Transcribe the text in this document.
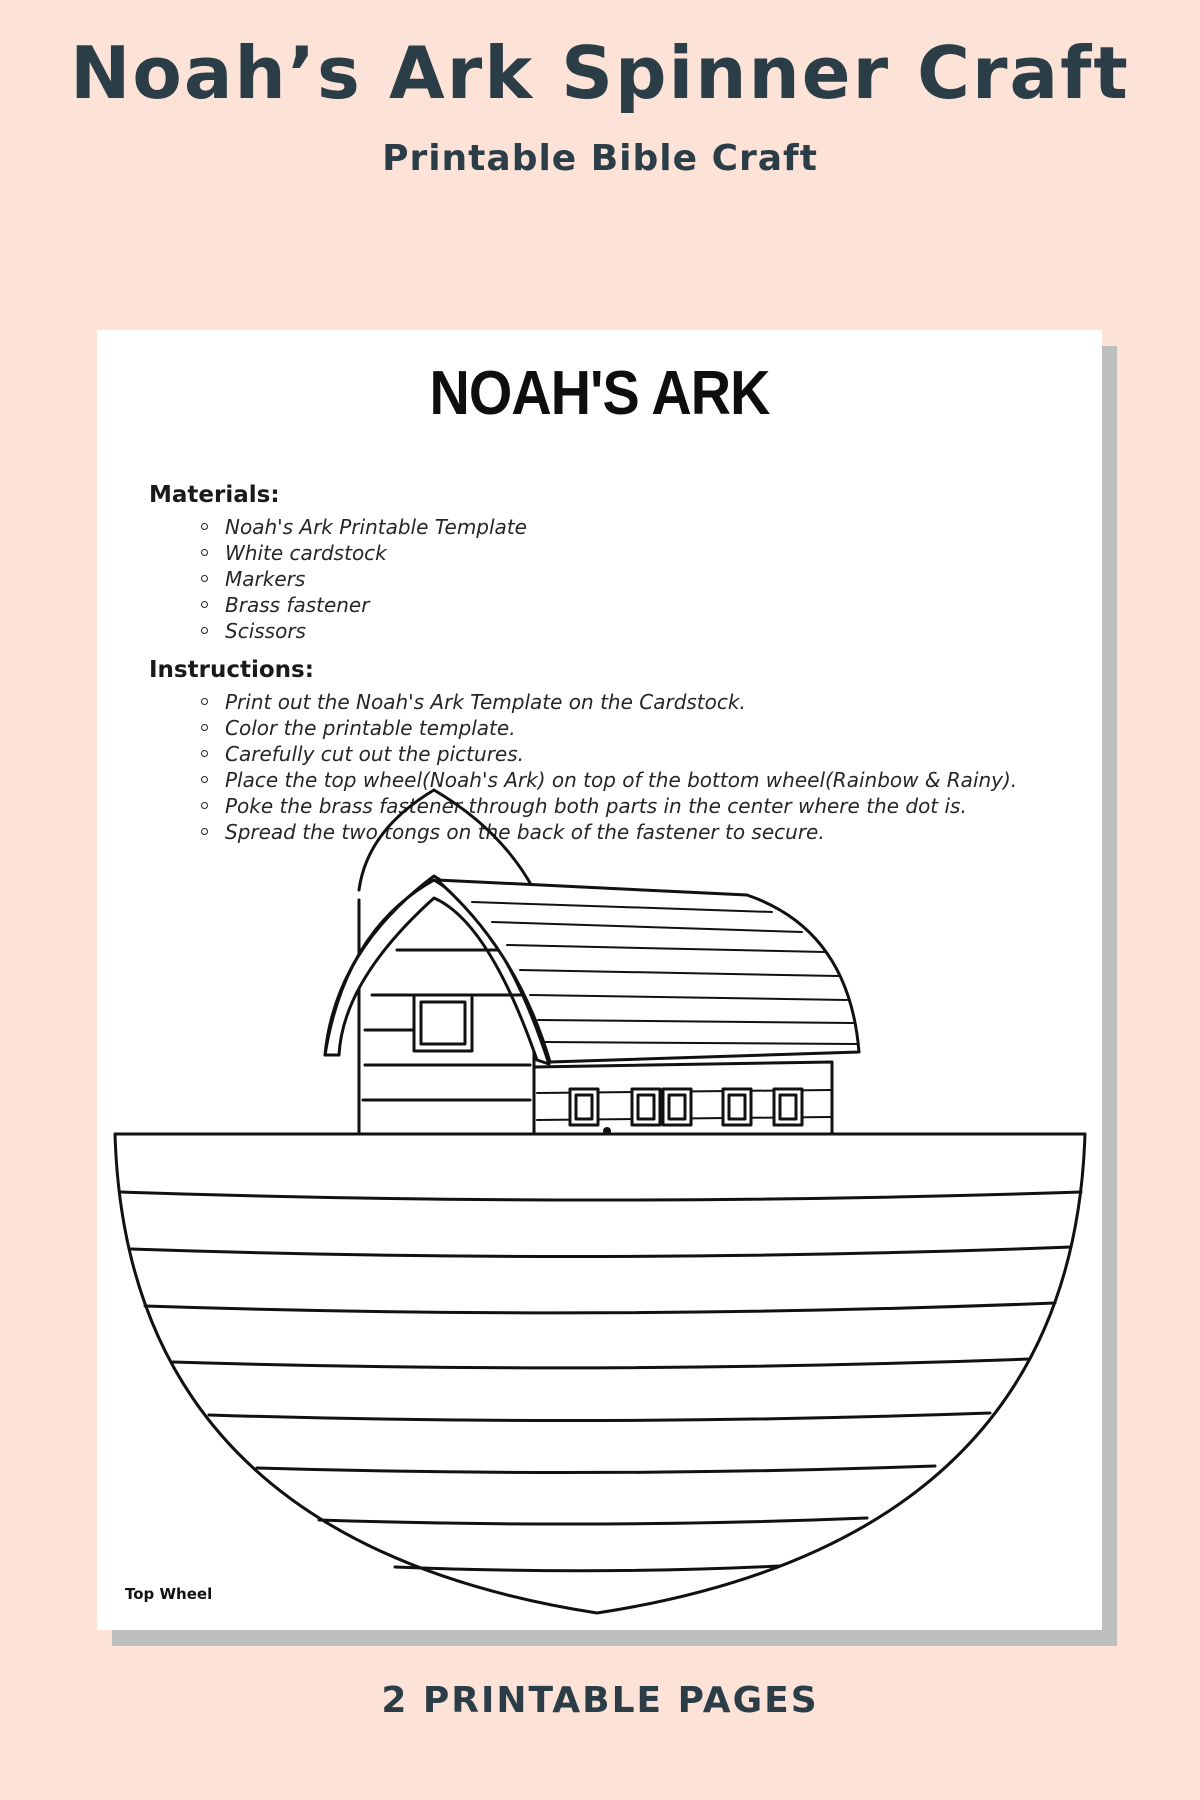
Noah’s Ark Spinner Craft
Printable Bible Craft
NOAH'S ARK
Materials:
Noah's Ark Printable Template
White cardstock
Markers
Brass fastener
Scissors
Instructions:
Print out the Noah's Ark Template on the Cardstock.
Color the printable template.
Carefully cut out the pictures.
Place the top wheel(Noah's Ark) on top of the bottom wheel(Rainbow & Rainy).
Poke the brass fastener through both parts in the center where the dot is.
Spread the two tongs on the back of the fastener to secure.

Top Wheel

2 PRINTABLE PAGES
